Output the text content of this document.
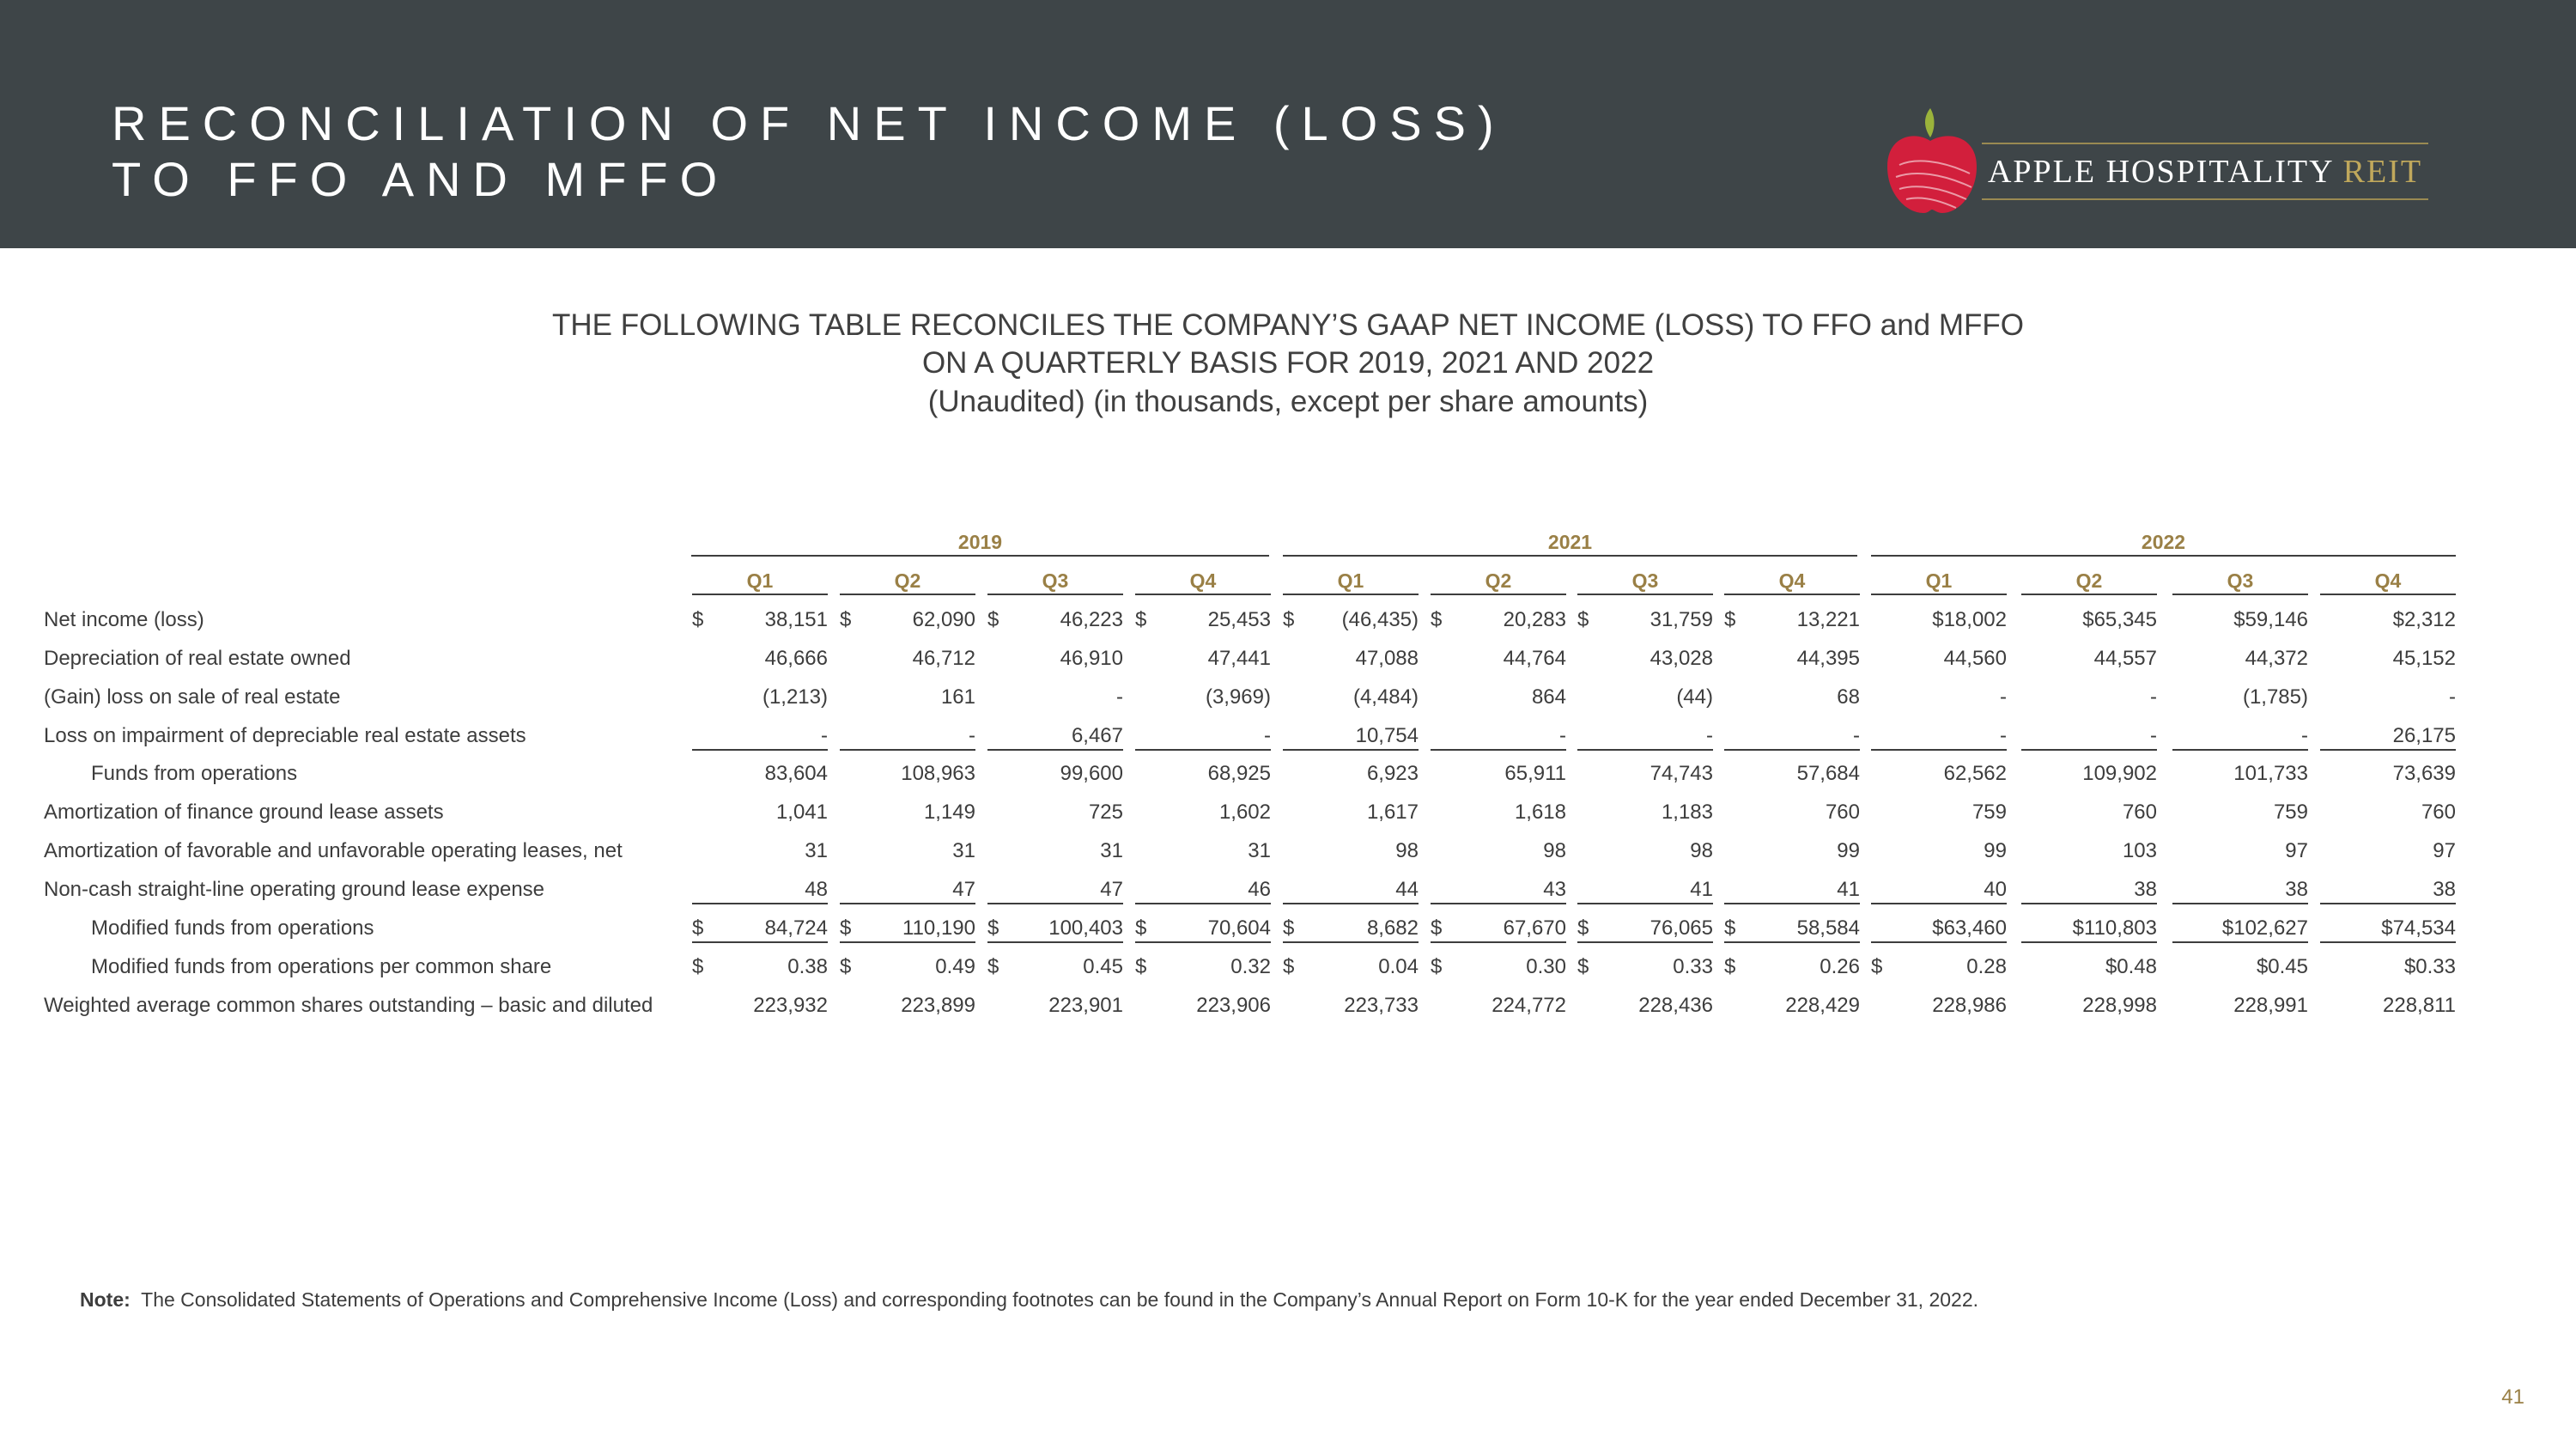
RECONCILIATION OF NET INCOME (LOSS)
TO FFO AND MFFO	APPLE HOSPITALITY REIT
THE FOLLOWING TABLE RECONCILES THE COMPANY’S GAAP NET INCOME (LOSS) TO FFO and MFFO
ON A QUARTERLY BASIS FOR 2019, 2021 AND 2022
(Unaudited) (in thousands, except per share amounts)
2019	2021	2022
Q1	Q2	Q3	Q4	Q1	Q2	Q3	Q4	Q1	Q2	Q3	Q4
Net income (loss)	$	38,151 $	62,090 $	46,223 $	25,453 $ (46,435) $	20,283 $	31,759 $	13,221	$18,002	$65,345	$59,146	$2,312
Depreciation of real estate owned	46,666	46,712	46,910	47,441	47,088	44,764	43,028	44,395	44,560	44,557	44,372	45,152
(Gain) loss on sale of real estate	(1,213)	161	-	(3,969)	(4,484)	864	(44)	68	-	-	(1,785)	-
Loss on impairment of depreciable real estate assets	-	-	6,467	-	10,754	-	-	-	-	-	-	26,175
Funds from operations	83,604	108,963	99,600	68,925	6,923	65,911	74,743	57,684	62,562	109,902	101,733	73,639
Amortization of finance ground lease assets	1,041	1,149	725	1,602	1,617	1,618	1,183	760	759	760	759	760
Amortization of favorable and unfavorable operating leases, net	31	31	31	31	98	98	98	99	99	103	97	97
Non-cash straight-line operating ground lease expense	48	47	47	46	44	43	41	41	40	38	38	38
Modified funds from operations	$	84,724 $ 110,190 $ 100,403 $	70,604 $	8,682 $	67,670 $	76,065 $	58,584	$63,460	$110,803	$102,627	$74,534
Modified funds from operations per common share	$	0.38 $	0.49 $	0.45 $	0.32 $	0.04 $	0.30 $	0.33 $	0.26 $	0.28	$0.48	$0.45	$0.33
Weighted average common shares outstanding – basic and diluted	223,932	223,899	223,901	223,906	223,733	224,772	228,436	228,429	228,986	228,998	228,991	228,811
Note: The Consolidated Statements of Operations and Comprehensive Income (Loss) and corresponding footnotes can be found in the Company’s Annual Report on Form 10-K for the year ended December 31, 2022.
41
